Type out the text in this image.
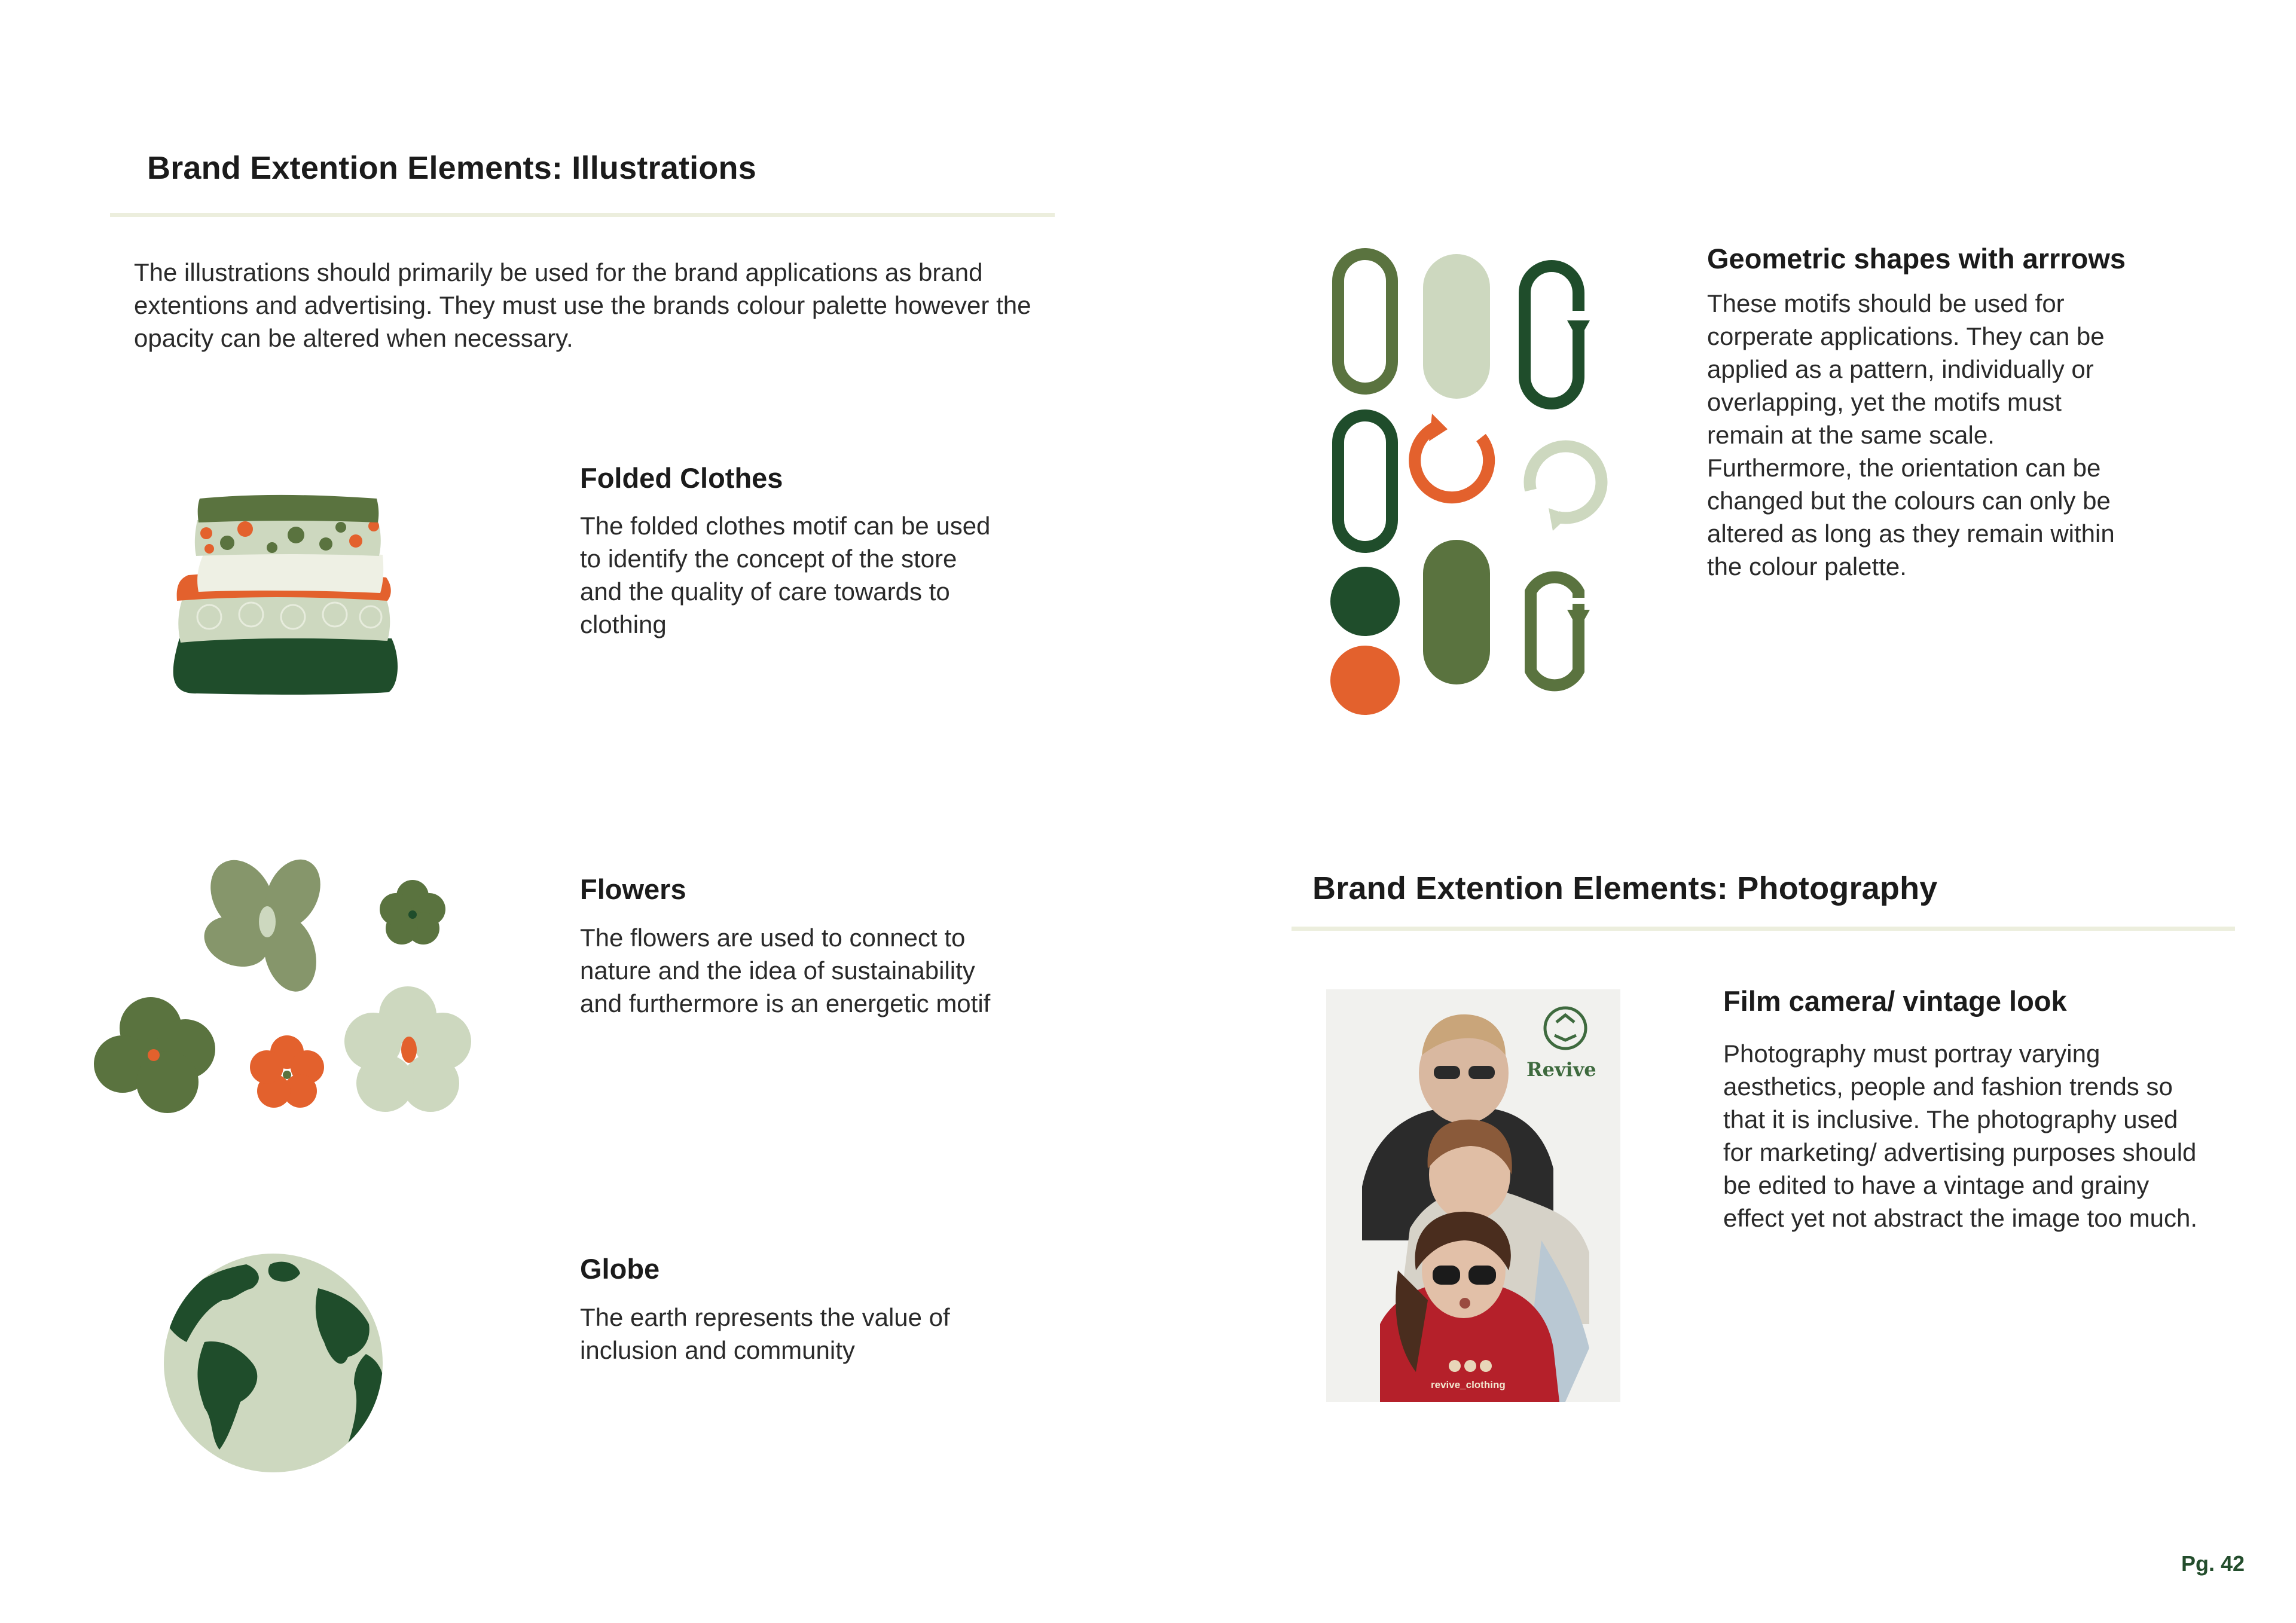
Brand Extention Elements: Illustrations
The illustrations should primarily be used for the brand applications as brand extentions and advertising. They must use the brands colour palette however the opacity can be altered when necessary.
Folded Clothes
The folded clothes motif can be used to identify the concept of the store and the quality of care towards to clothing
Flowers
The flowers are used to connect to nature and the idea of sustainability and furthermore is an energetic motif
Globe
The earth represents the value of inclusion and community
Geometric shapes with arrrows
These motifs should be used for corperate applications. They can be applied as a pattern, individually or overlapping, yet the motifs must remain at the same scale. Furthermore, the orientation can be changed but the colours can only be altered as long as they remain within the colour palette.
Brand Extention Elements: Photography
Revive
revive_clothing
Film camera/ vintage look
Photography must portray varying aesthetics, people and fashion trends so that it is inclusive. The photography used for marketing/ advertising purposes should be edited to have a vintage and grainy effect yet not abstract the image too much.
Pg. 42
